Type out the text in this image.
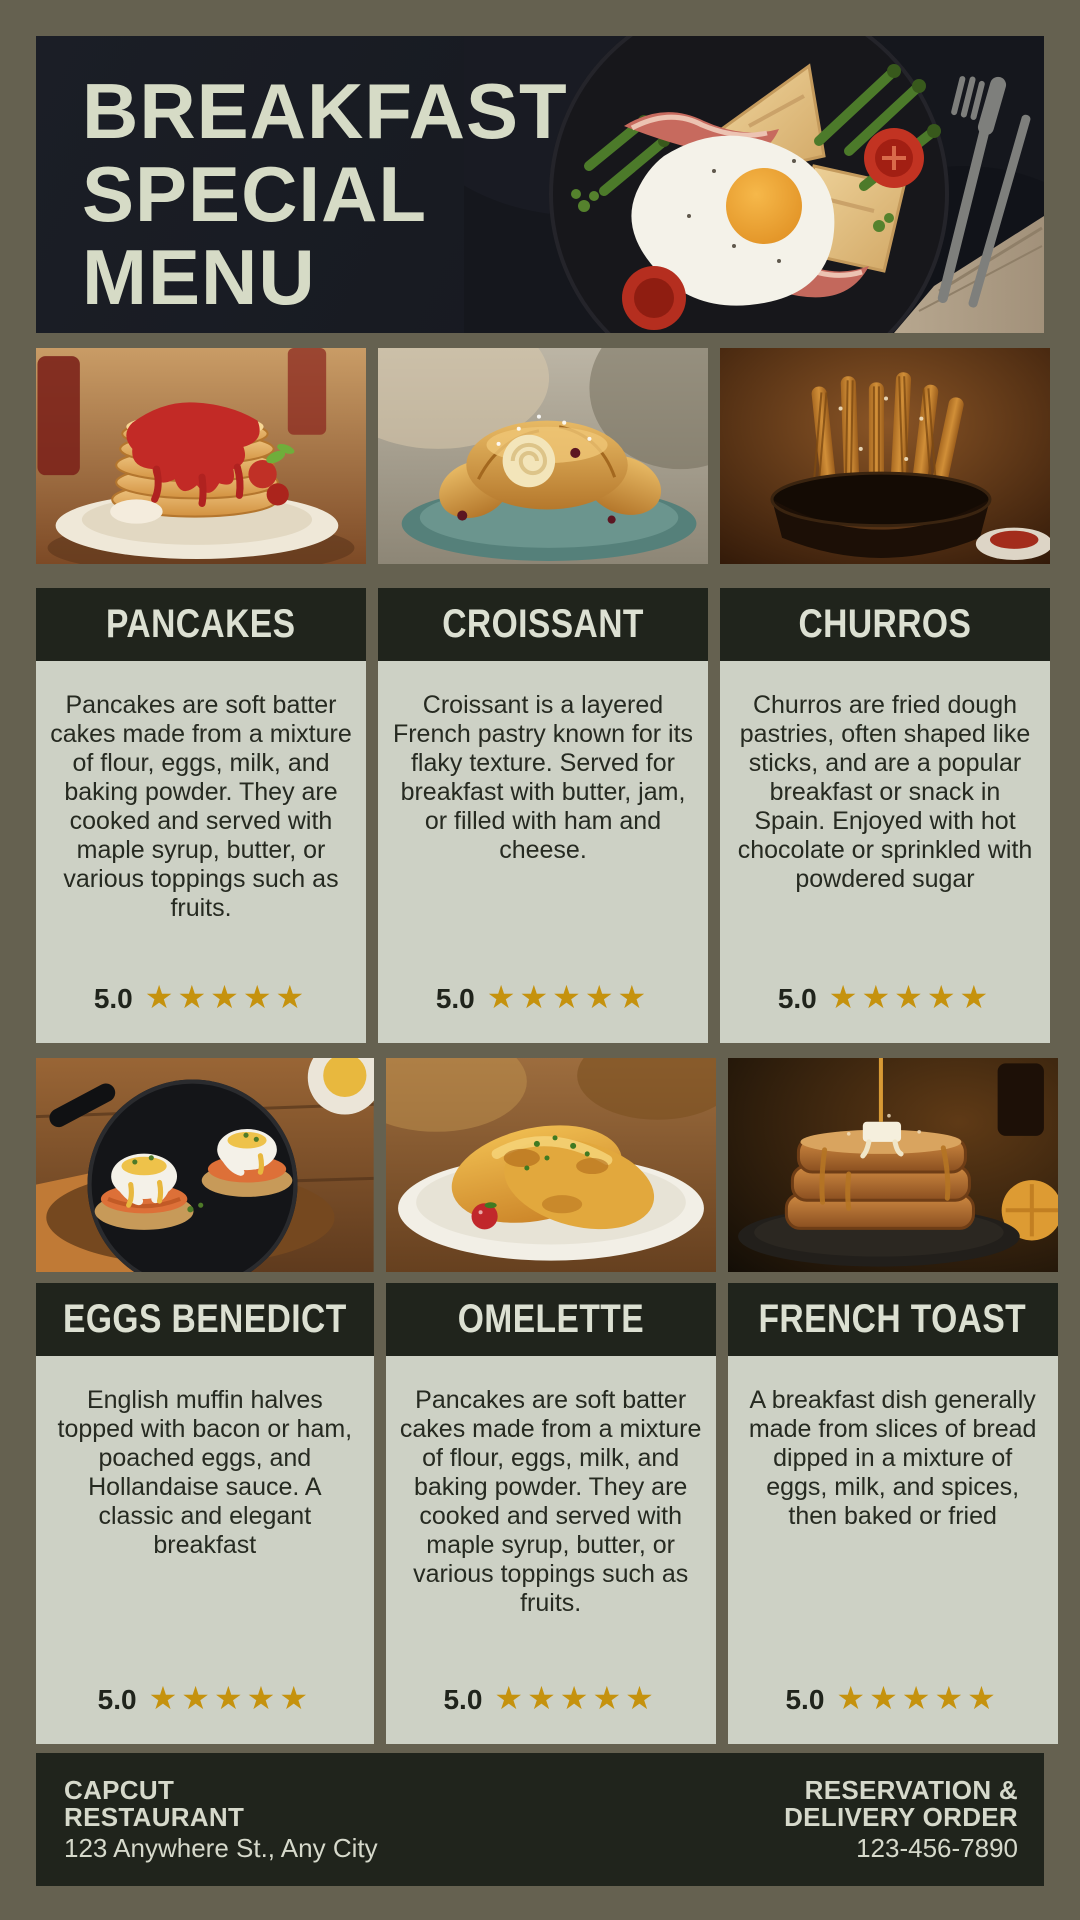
BREAKFAST
SPECIAL
MENU
PANCAKES
Pancakes are soft batter cakes made from a mixture of flour, eggs, milk, and baking powder. They are cooked and served with maple syrup, butter, or various toppings such as fruits.
5.0 ★★★★★
CROISSANT
Croissant is a layered French pastry known for its flaky texture. Served for breakfast with butter, jam, or filled with ham and cheese.
5.0 ★★★★★
CHURROS
Churros are fried dough pastries, often shaped like sticks, and are a popular breakfast or snack in Spain. Enjoyed with hot chocolate or sprinkled with powdered sugar
5.0 ★★★★★
EGGS BENEDICT
English muffin halves topped with bacon or ham, poached eggs, and Hollandaise sauce. A classic and elegant breakfast
5.0 ★★★★★
OMELETTE
Pancakes are soft batter cakes made from a mixture of flour, eggs, milk, and baking powder. They are cooked and served with maple syrup, butter, or various toppings such as fruits.
5.0 ★★★★★
FRENCH TOAST
A breakfast dish generally made from slices of bread dipped in a mixture of eggs, milk, and spices, then baked or fried
5.0 ★★★★★
CAPCUT
RESTAURANT
123 Anywhere St., Any City
RESERVATION &
DELIVERY ORDER
123-456-7890
